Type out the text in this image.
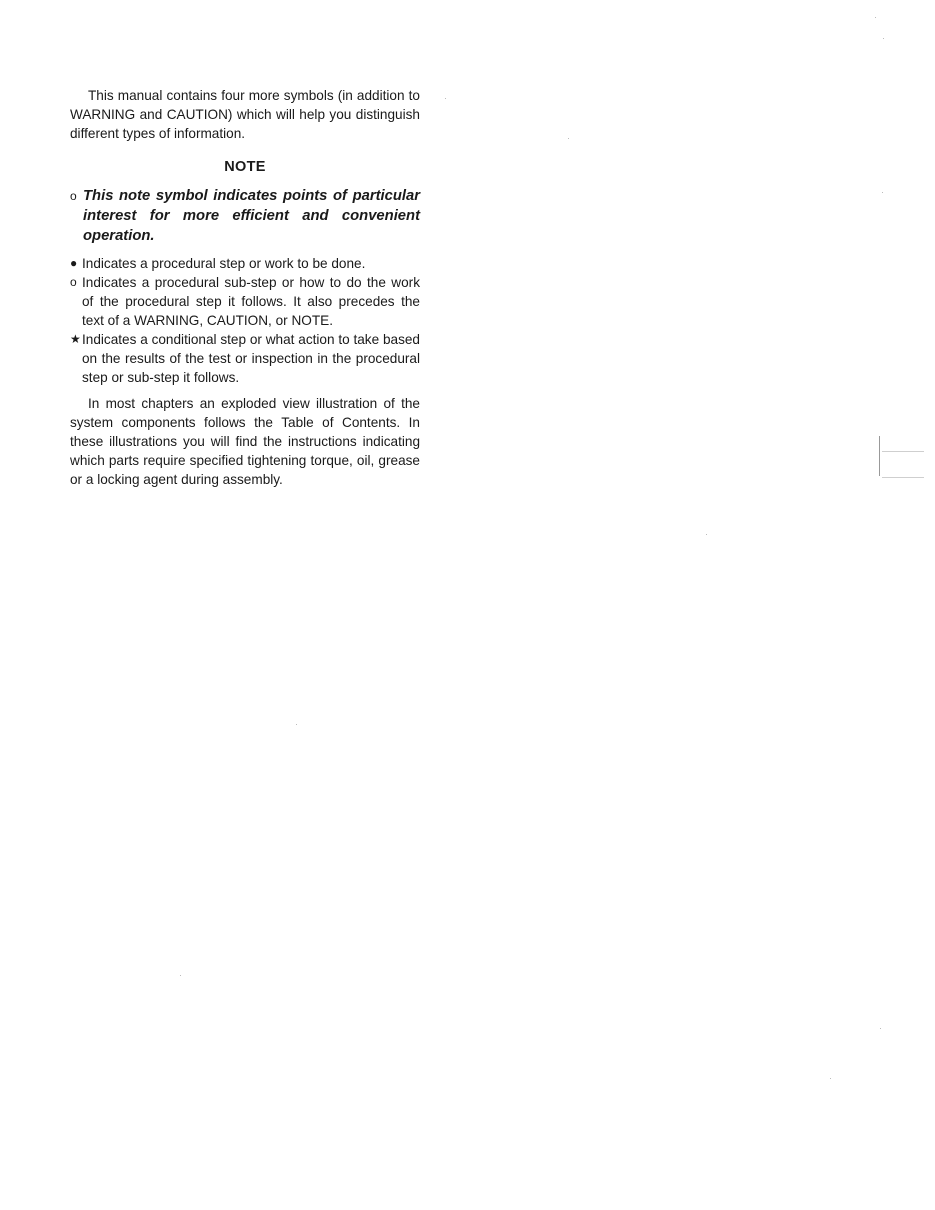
This manual contains four more symbols (in addition to WARNING and CAUTION) which will help you distinguish different types of information.

NOTE
o This note symbol indicates points of particular interest for more efficient and convenient operation.
● Indicates a procedural step or work to be done.
o Indicates a procedural sub-step or how to do the work of the procedural step it follows. It also precedes the text of a WARNING, CAUTION, or NOTE.
★ Indicates a conditional step or what action to take based on the results of the test or inspection in the procedural step or sub-step it follows.

In most chapters an exploded view illustration of the system components follows the Table of Contents. In these illustrations you will find the instructions indicating which parts require specified tightening torque, oil, grease or a locking agent during assembly.
